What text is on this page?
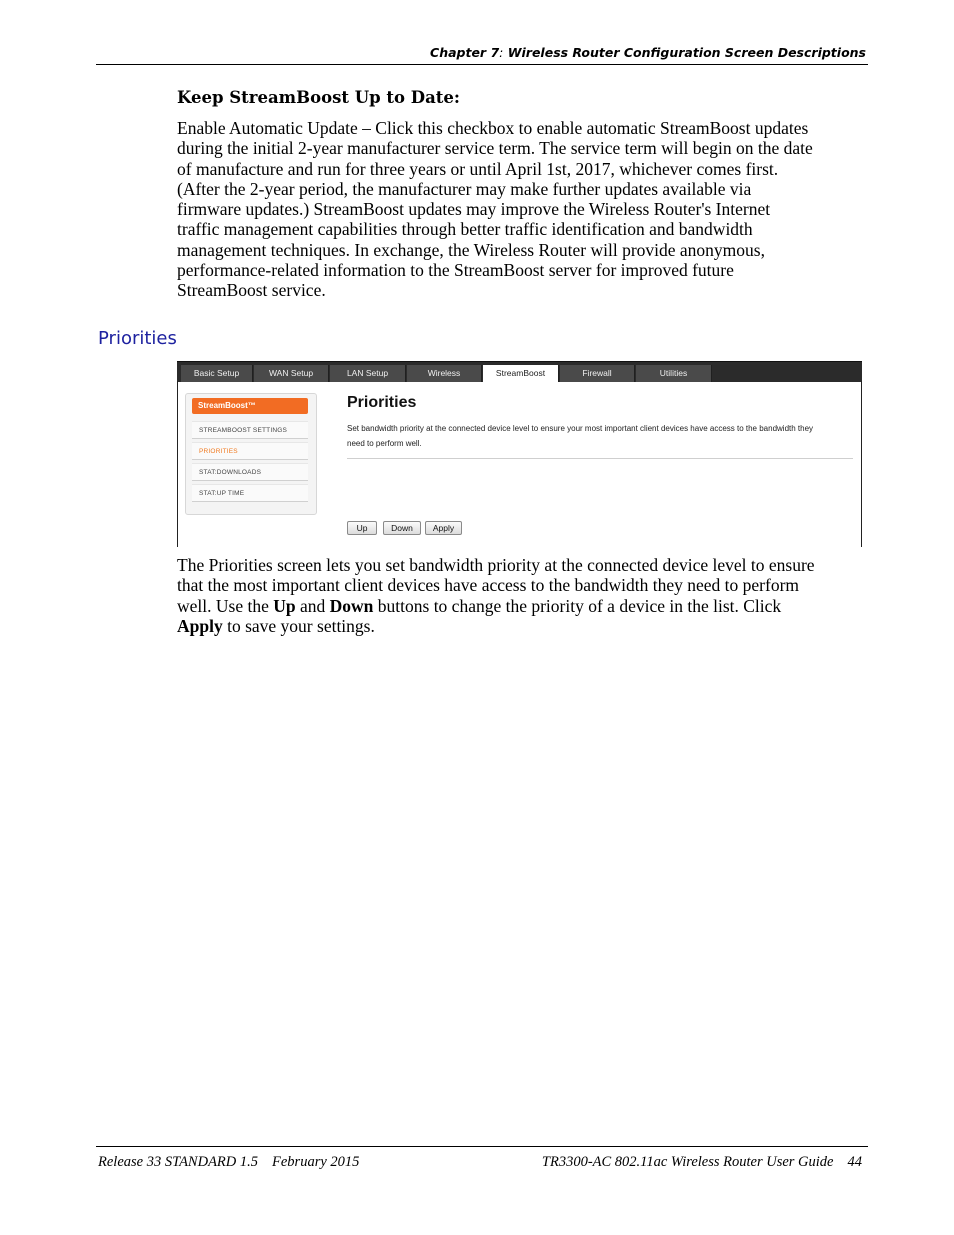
Chapter 7: Wireless Router Configuration Screen Descriptions
Keep StreamBoost Up to Date:
Enable Automatic Update – Click this checkbox to enable automatic StreamBoost updates
during the initial 2-year manufacturer service term. The service term will begin on the date
of manufacture and run for three years or until April 1st, 2017, whichever comes first.
(After the 2-year period, the manufacturer may make further updates available via
firmware updates.) StreamBoost updates may improve the Wireless Router's Internet
traffic management capabilities through better traffic identification and bandwidth
management techniques. In exchange, the Wireless Router will provide anonymous,
performance-related information to the StreamBoost server for improved future
StreamBoost service.
Priorities
Basic Setup	WAN Setup	LAN Setup	Wireless	StreamBoost	Firewall	Utilities
StreamBoost™
STREAMBOOST SETTINGS
PRIORITIES
STAT:DOWNLOADS
STAT:UP TIME
Priorities
Set bandwidth priority at the connected device level to ensure your most important client devices have access to the bandwidth they
need to perform well.
Up	Down	Apply
The Priorities screen lets you set bandwidth priority at the connected device level to ensure
that the most important client devices have access to the bandwidth they need to perform
well. Use the Up and Down buttons to change the priority of a device in the list. Click
Apply to save your settings.
Release 33 STANDARD 1.5 February 2015	TR3300-AC 802.11ac Wireless Router User Guide 44
